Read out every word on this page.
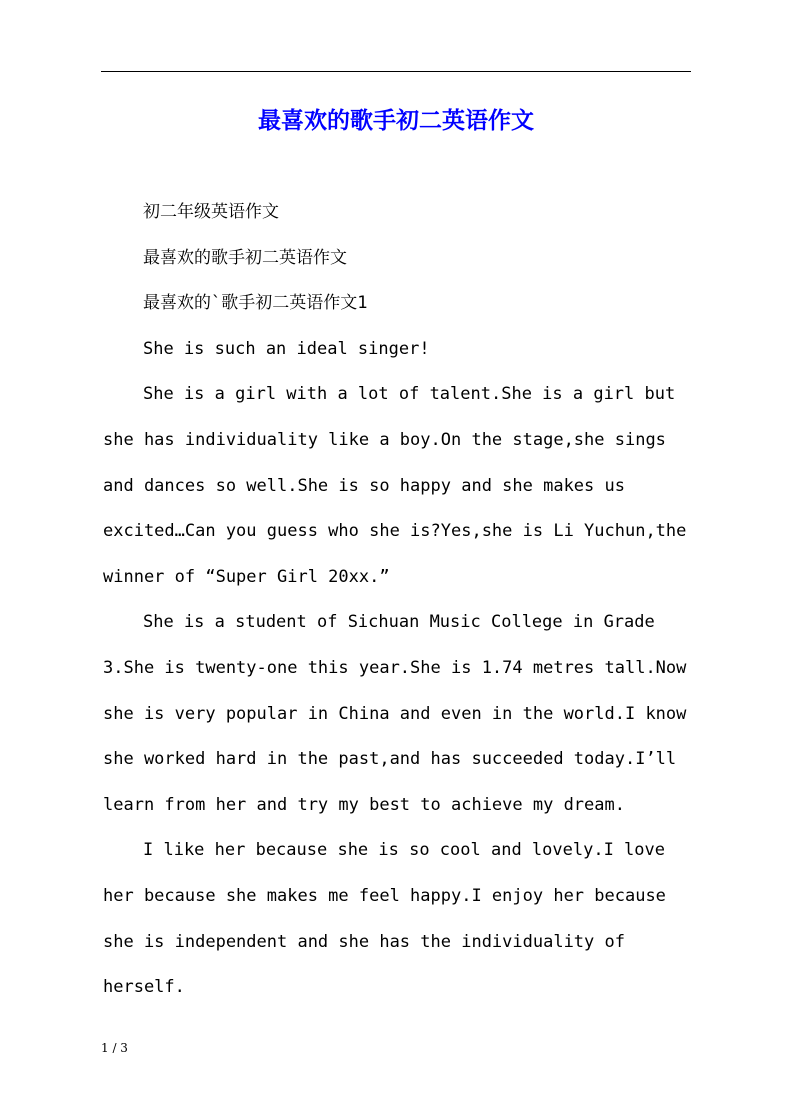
最喜欢的歌手初二英语作文
初二年级英语作文
最喜欢的歌手初二英语作文
最喜欢的`歌手初二英语作文1
She is such an ideal singer!
She is a girl with a lot of talent.She is a girl but
she has individuality like a boy.On the stage,she sings
and dances so well.She is so happy and she makes us
excited…Can you guess who she is?Yes,she is Li Yuchun,the
winner of “Super Girl 20xx.”
She is a student of Sichuan Music College in Grade
3.She is twenty-one this year.She is 1.74 metres tall.Now
she is very popular in China and even in the world.I know
she worked hard in the past,and has succeeded today.I’ll
learn from her and try my best to achieve my dream.
I like her because she is so cool and lovely.I love
her because she makes me feel happy.I enjoy her because
she is independent and she has the individuality of
herself.
1 / 3
